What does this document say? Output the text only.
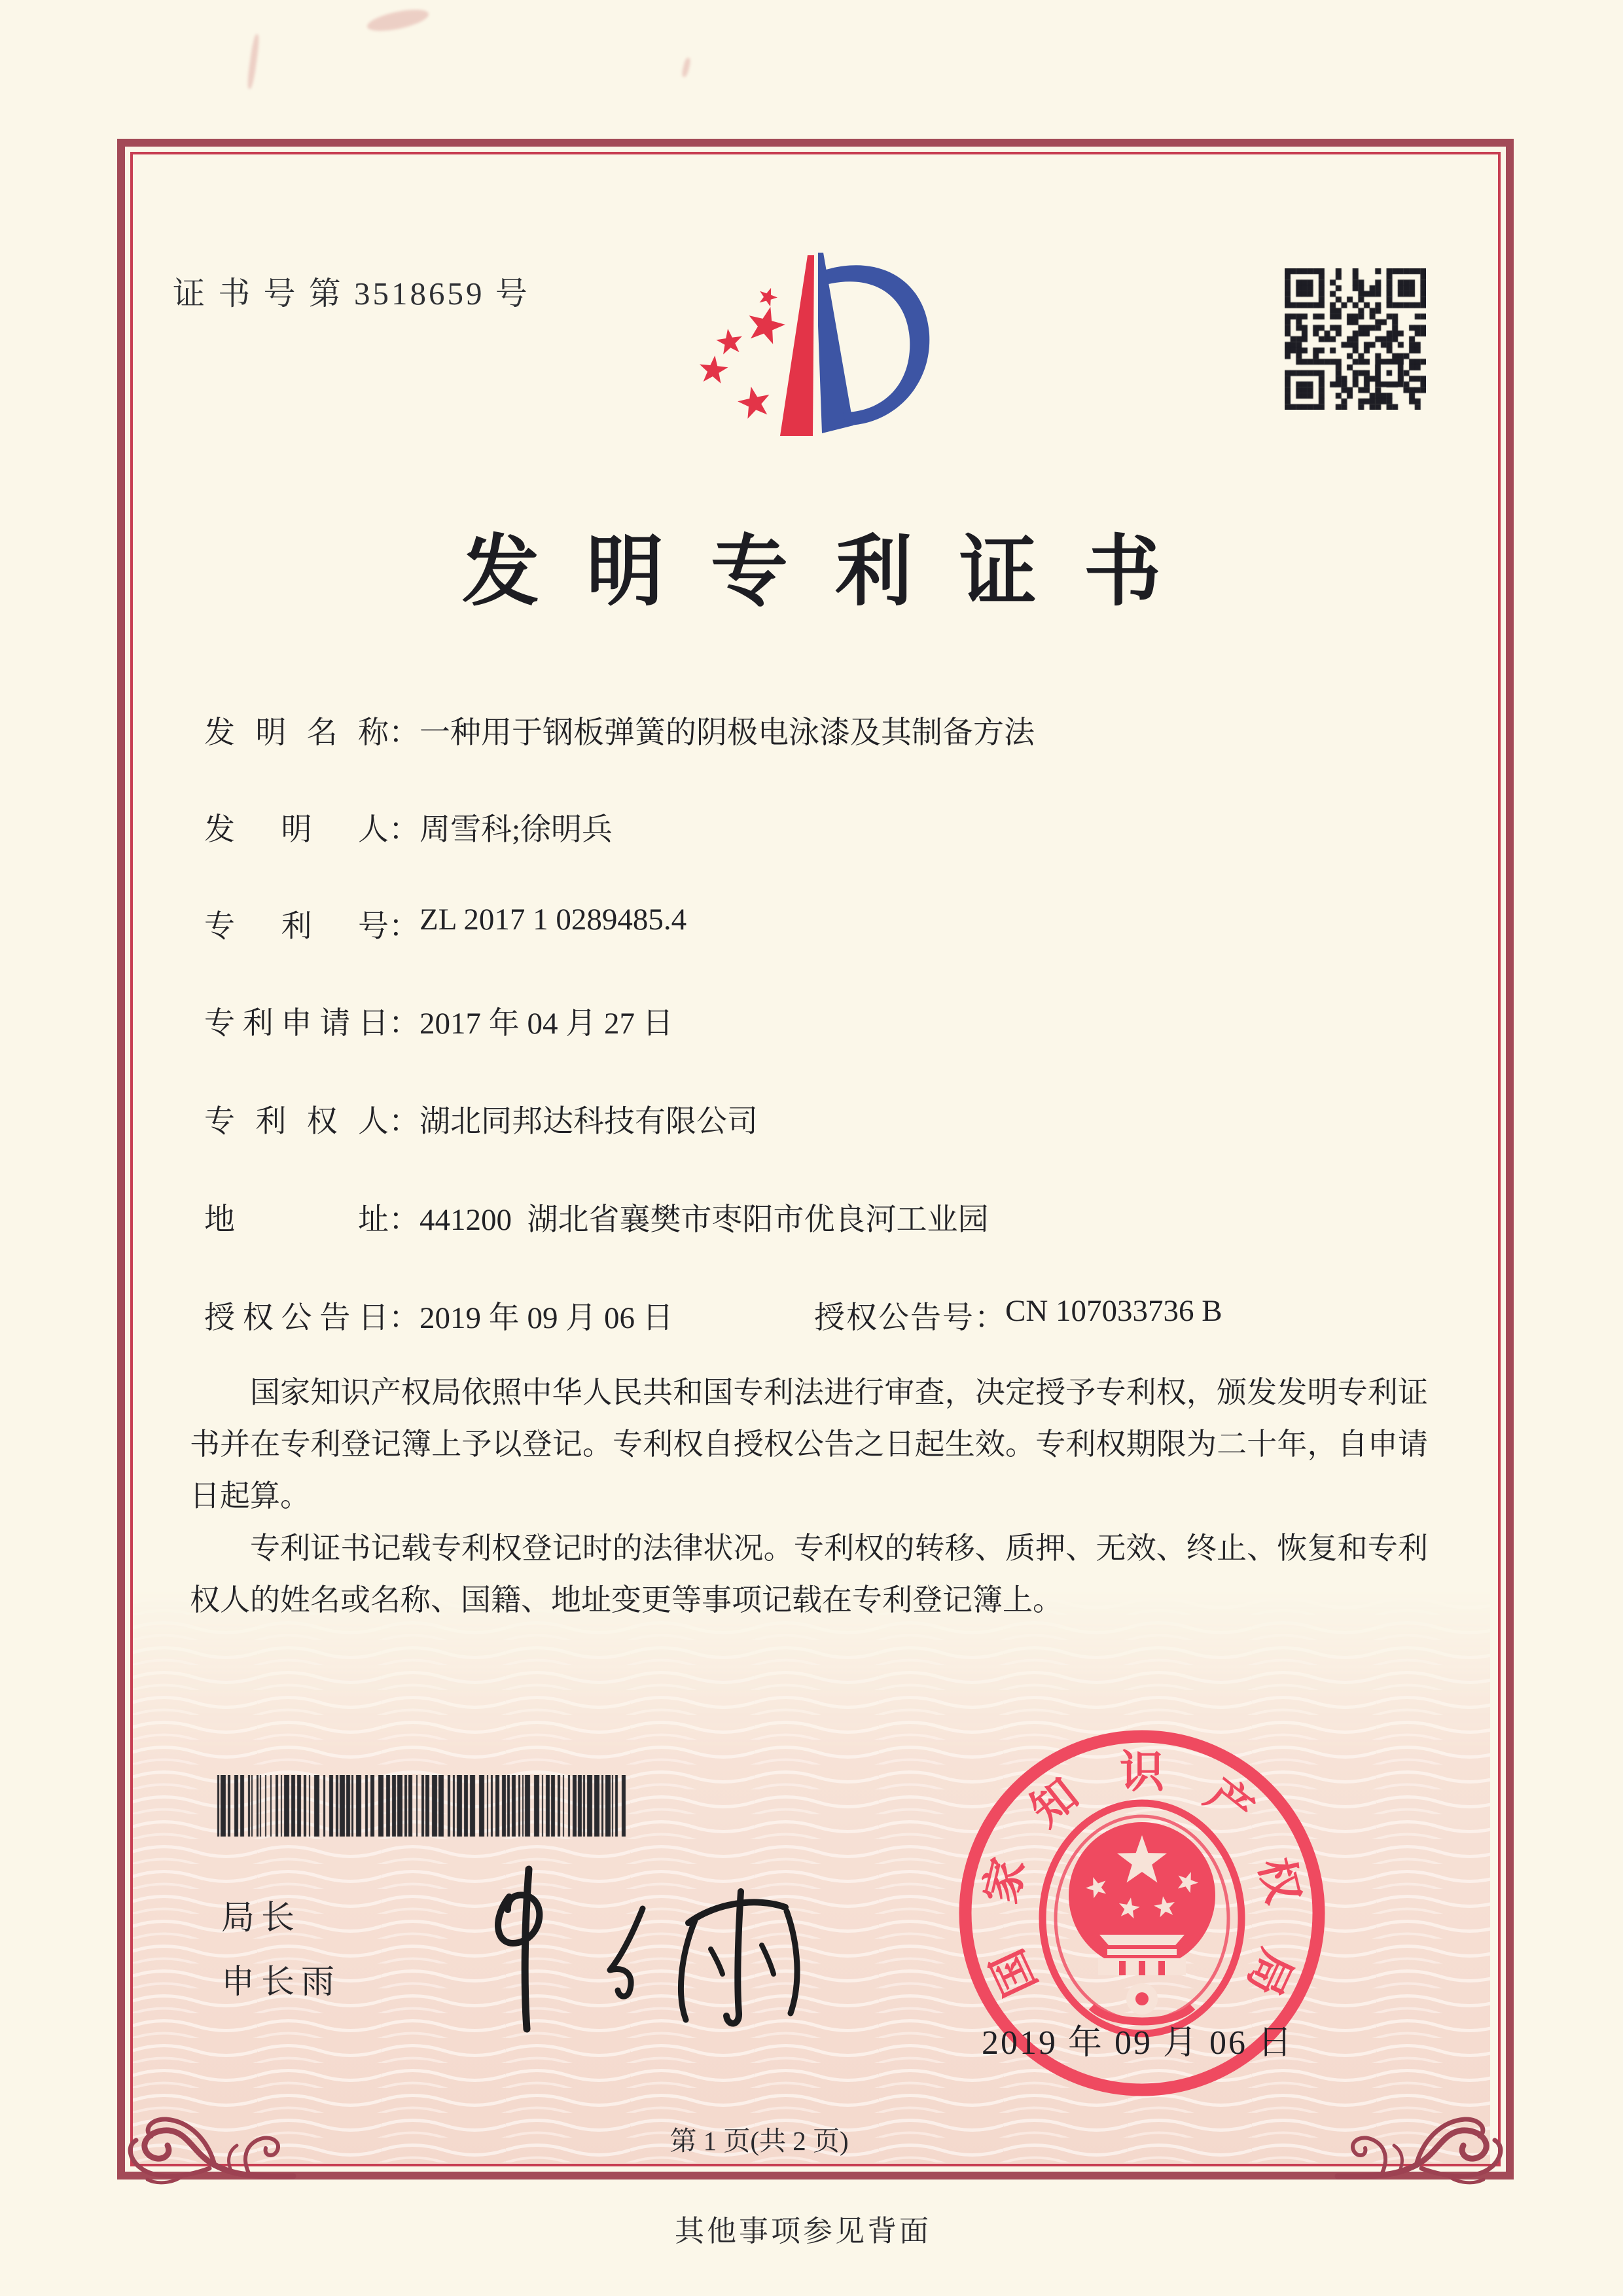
证 书 号 第 3518659 号
发明专利证书
发明名称：一种用于钢板弹簧的阴极电泳漆及其制备方法
发明人：周雪科;徐明兵
专利号：ZL 2017 1 0289485.4
专利申请日：2017 年 04 月 27 日
专利权人：湖北同邦达科技有限公司
地址：441200  湖北省襄樊市枣阳市优良河工业园
授权公告日：2019 年 09 月 06 日	授权公告号：CN 107033736 B

国家知识产权局依照中华人民共和国专利法进行审查，决定授予专利权，颁发发明专利证书并在专利登记簿上予以登记。专利权自授权公告之日起生效。专利权期限为二十年，自申请日起算。

专利证书记载专利权登记时的法律状况。专利权的转移、质押、无效、终止、恢复和专利权人的姓名或名称、国籍、地址变更等事项记载在专利登记簿上。

局长
申长雨	国
家
知 识 产
权
局
2019 年 09 月 06 日
第 1 页(共 2 页)
其他事项参见背面
